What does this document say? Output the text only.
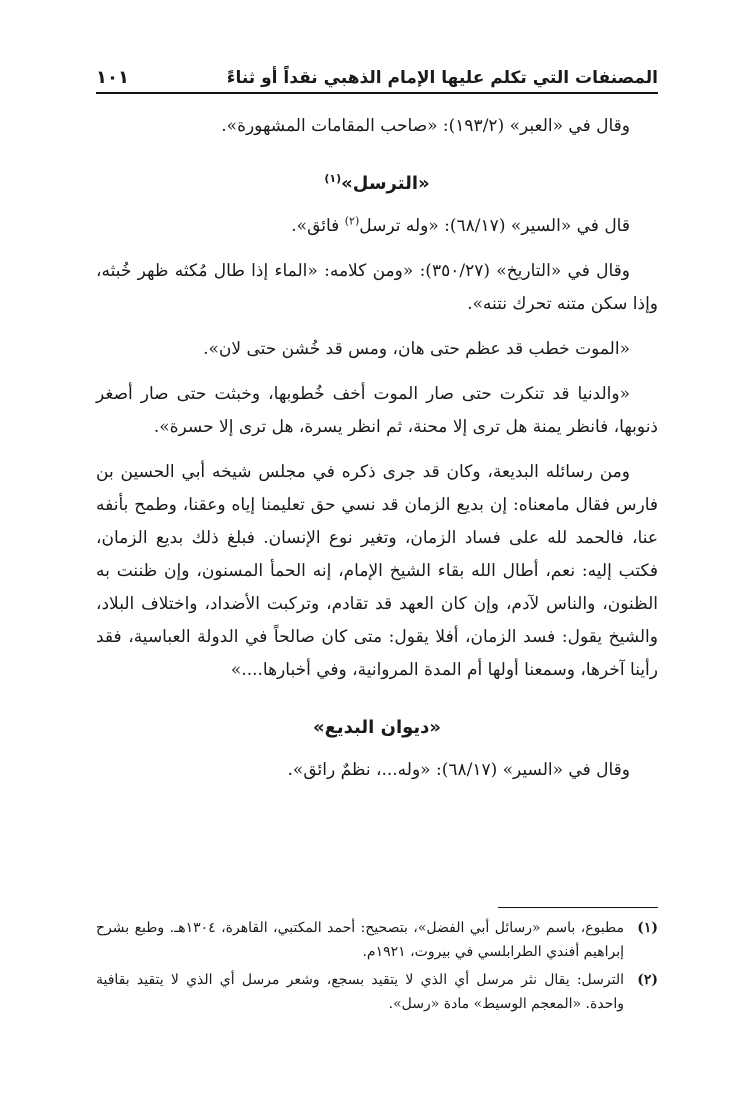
المصنفات التي تكلم عليها الإمام الذهبي نقداً أو ثناءً
١٠١

وقال في «العبر» (١٩٣/٢): «صاحب المقامات المشهورة».

«الترسل»$^{(١)}$

قال في «السير» (٦٨/١٧): «وله ترسل$^{(٢)}$ فائق».

وقال في «التاريخ» (٣٥٠/٢٧): «ومن كلامه: «الماء إذا طال مُكثه ظهر خُبثه، وإذا سكن متنه تحرك نتنه».

«الموت خطب قد عظم حتى هان، ومس قد خُشن حتى لان».

«والدنيا قد تنكرت حتى صار الموت أخف خُطوبها، وخبثت حتى صار أصغر ذنوبها، فانظر يمنة هل ترى إلا محنة، ثم انظر يسرة، هل ترى إلا حسرة».

ومن رسائله البديعة، وكان قد جرى ذكره في مجلس شيخه أبي الحسين بن فارس فقال مامعناه: إن بديع الزمان قد نسي حق تعليمنا إياه وعقنا، وطمح بأنفه عنا، فالحمد لله على فساد الزمان، وتغير نوع الإنسان. فبلغ ذلك بديع الزمان، فكتب إليه: نعم، أطال الله بقاء الشيخ الإمام، إنه الحمأ المسنون، وإن ظننت به الظنون، والناس لآدم، وإن كان العهد قد تقادم، وتركبت الأضداد، واختلاف البلاد، والشيخ يقول: فسد الزمان، أفلا يقول: متى كان صالحاً في الدولة العباسية، فقد رأينا آخرها، وسمعنا أولها أم المدة المروانية، وفي أخبارها....»

«ديوان البديع»

وقال في «السير» (٦٨/١٧): «وله...، نظمٌ رائق».

(١)
مطبوع، باسم «رسائل أبي الفضل»، بتصحيح: أحمد المكتبي، القاهرة، ١٣٠٤هـ. وطبع بشرح إبراهيم أفندي الطرابلسي في بيروت، ١٩٢١م.
(٢)
الترسل: يقال نثر مرسل أي الذي لا يتقيد بسجع، وشعر مرسل أي الذي لا يتقيد بقافية واحدة. «المعجم الوسيط» مادة «رسل».
